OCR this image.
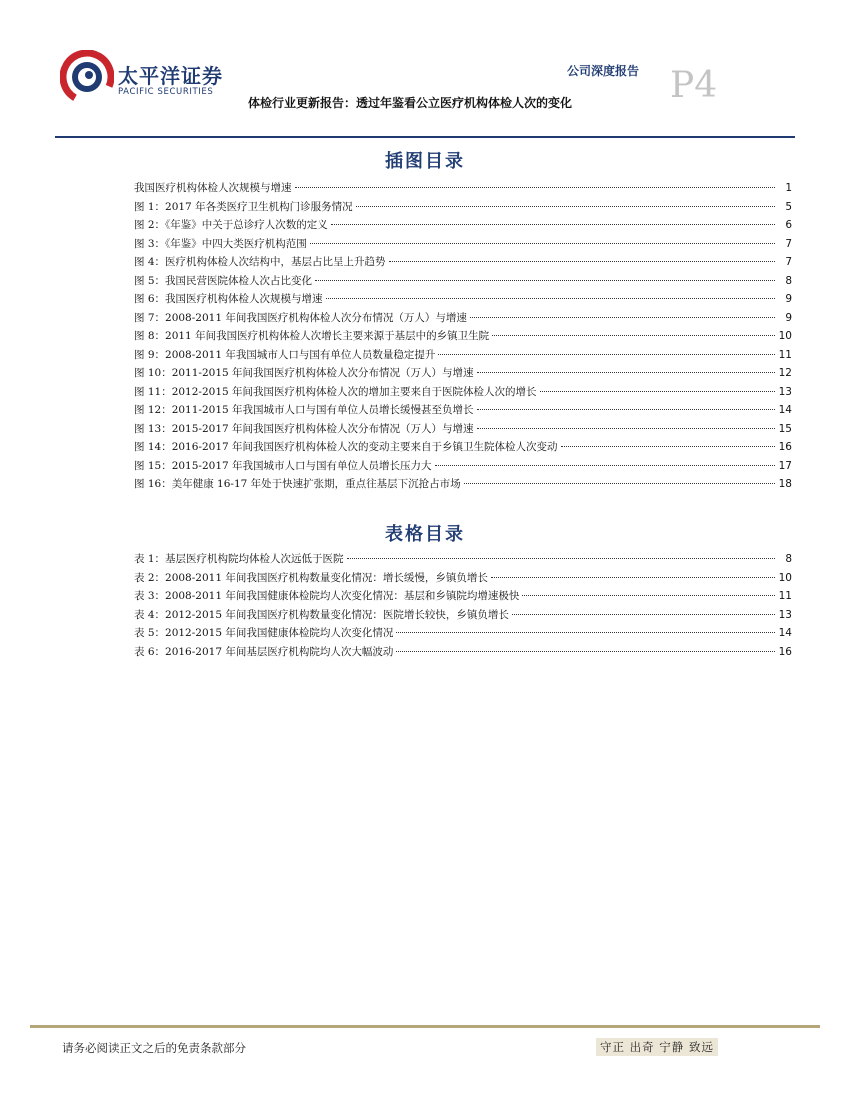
太平洋证券
PACIFIC SECURITIES
公司深度报告 P4
体检行业更新报告：透过年鉴看公立医疗机构体检人次的变化
插图目录
我国医疗机构体检人次规模与增速	1
图 1：2017 年各类医疗卫生机构门诊服务情况	5
图 2：《年鉴》中关于总诊疗人次数的定义	6
图 3：《年鉴》中四大类医疗机构范围	7
图 4：医疗机构体检人次结构中，基层占比呈上升趋势	7
图 5：我国民营医院体检人次占比变化	8
图 6：我国医疗机构体检人次规模与增速	9
图 7：2008-2011 年间我国医疗机构体检人次分布情况（万人）与增速	9
图 8：2011 年间我国医疗机构体检人次增长主要来源于基层中的乡镇卫生院	10
图 9：2008-2011 年我国城市人口与国有单位人员数量稳定提升	11
图 10：2011-2015 年间我国医疗机构体检人次分布情况（万人）与增速	12
图 11：2012-2015 年间我国医疗机构体检人次的增加主要来自于医院体检人次的增长	13
图 12：2011-2015 年我国城市人口与国有单位人员增长缓慢甚至负增长	14
图 13：2015-2017 年间我国医疗机构体检人次分布情况（万人）与增速	15
图 14：2016-2017 年间我国医疗机构体检人次的变动主要来自于乡镇卫生院体检人次变动	16
图 15：2015-2017 年我国城市人口与国有单位人员增长压力大	17
图 16：美年健康 16-17 年处于快速扩张期，重点往基层下沉抢占市场	18
表格目录
表 1：基层医疗机构院均体检人次远低于医院	8
表 2：2008-2011 年间我国医疗机构数量变化情况：增长缓慢，乡镇负增长	10
表 3：2008-2011 年间我国健康体检院均人次变化情况：基层和乡镇院均增速极快	11
表 4：2012-2015 年间我国医疗机构数量变化情况：医院增长较快，乡镇负增长	13
表 5：2012-2015 年间我国健康体检院均人次变化情况	14
表 6：2016-2017 年间基层医疗机构院均人次大幅波动	16
请务必阅读正文之后的免责条款部分	守正 出奇 宁静 致远
